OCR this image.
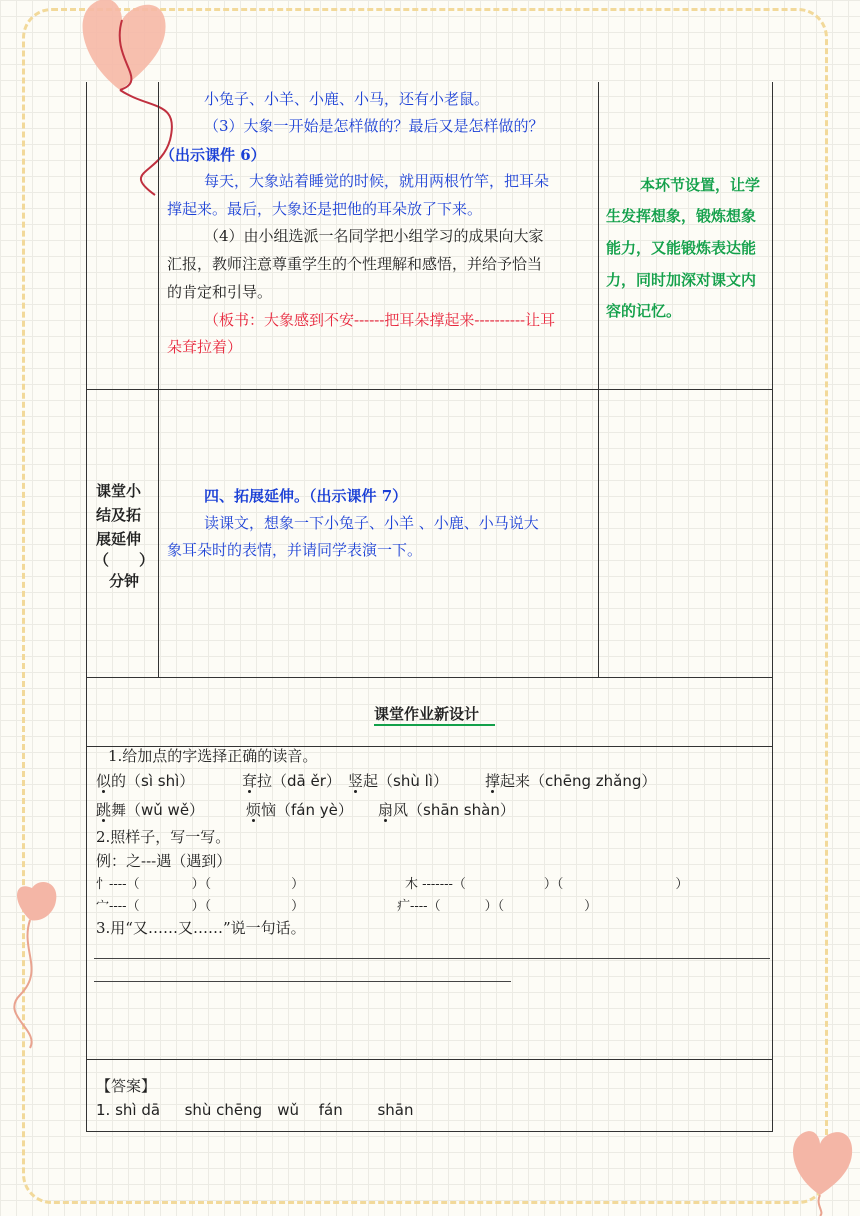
小兔子、小羊、小鹿、小马，还有小老鼠。
（3）大象一开始是怎样做的？最后又是怎样做的？
（出示课件 6）
每天，大象站着睡觉的时候，就用两根竹竿，把耳朵
撑起来。最后，大象还是把他的耳朵放了下来。
（4）由小组选派一名同学把小组学习的成果向大家
汇报，教师注意尊重学生的个性理解和感悟，并给予恰当
的肯定和引导。
（板书：大象感到不安------把耳朵撑起来----------让耳
朵耷拉着）
本环节设置，让学
生发挥想象，锻炼想象
能力，又能锻炼表达能
力，同时加深对课文内
容的记忆。
课堂小
结及拓
展延伸
（　　）
分钟
四、拓展延伸。（出示课件 7）
读课文，想象一下小兔子、小羊 、小鹿、小马说大
象耳朵时的表情，并请同学表演一下。
课堂作业新设计
1.给加点的字选择正确的读音。
似的（sì shì）	耷拉（dā ěr） 竖起（shù lì） 撑起来（chēng zhǎng）
跳舞（wǔ wě）	烦恼（fán yè） 扇风（shān shàn）
2.照样子，写一写。
例：之---遇（遇到）
忄----（	）（	）	木 -------（	）（	）
宀----（	）（	）	疒----（	）（	）
3.用“又……又……”说一句话。
【答案】
1. shì dā　  shù chēng　wǔ　 fán　　 shān
